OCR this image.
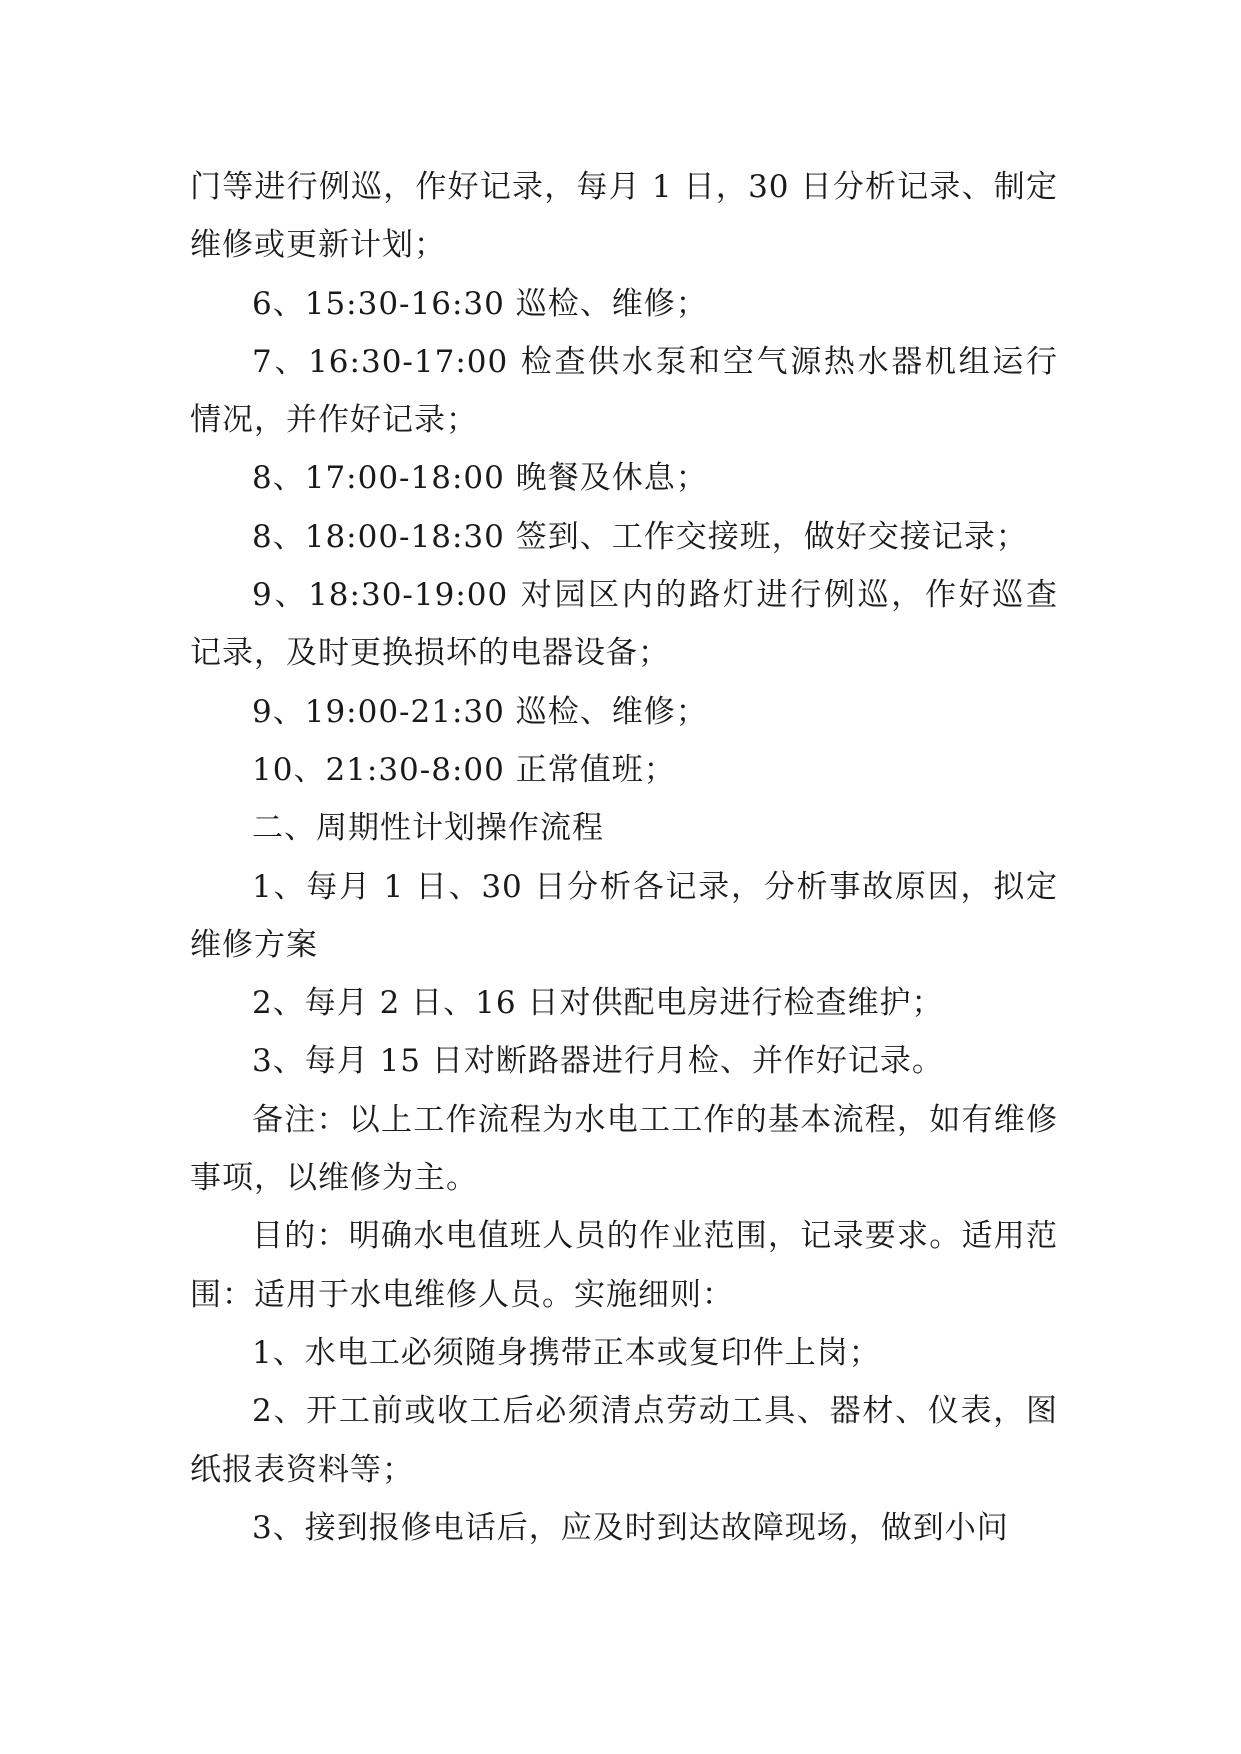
门等进行例巡，作好记录，每月 1 日，30 日分析记录、制定维修或更新计划；

6、15:30-16:30 巡检、维修；

7、16:30-17:00 检查供水泵和空气源热水器机组运行情况，并作好记录；

8、17:00-18:00 晚餐及休息；

8、18:00-18:30 签到、工作交接班，做好交接记录；

9、18:30-19:00 对园区内的路灯进行例巡，作好巡查记录，及时更换损坏的电器设备；

9、19:00-21:30 巡检、维修；

10、21:30-8:00 正常值班；

二、周期性计划操作流程

1、每月 1 日、30 日分析各记录，分析事故原因，拟定维修方案

2、每月 2 日、16 日对供配电房进行检查维护；

3、每月 15 日对断路器进行月检、并作好记录。

备注：以上工作流程为水电工工作的基本流程，如有维修事项，以维修为主。

目的：明确水电值班人员的作业范围，记录要求。适用范围：适用于水电维修人员。实施细则：

1、水电工必须随身携带正本或复印件上岗；

2、开工前或收工后必须清点劳动工具、器材、仪表，图纸报表资料等；

3、接到报修电话后，应及时到达故障现场，做到小问
